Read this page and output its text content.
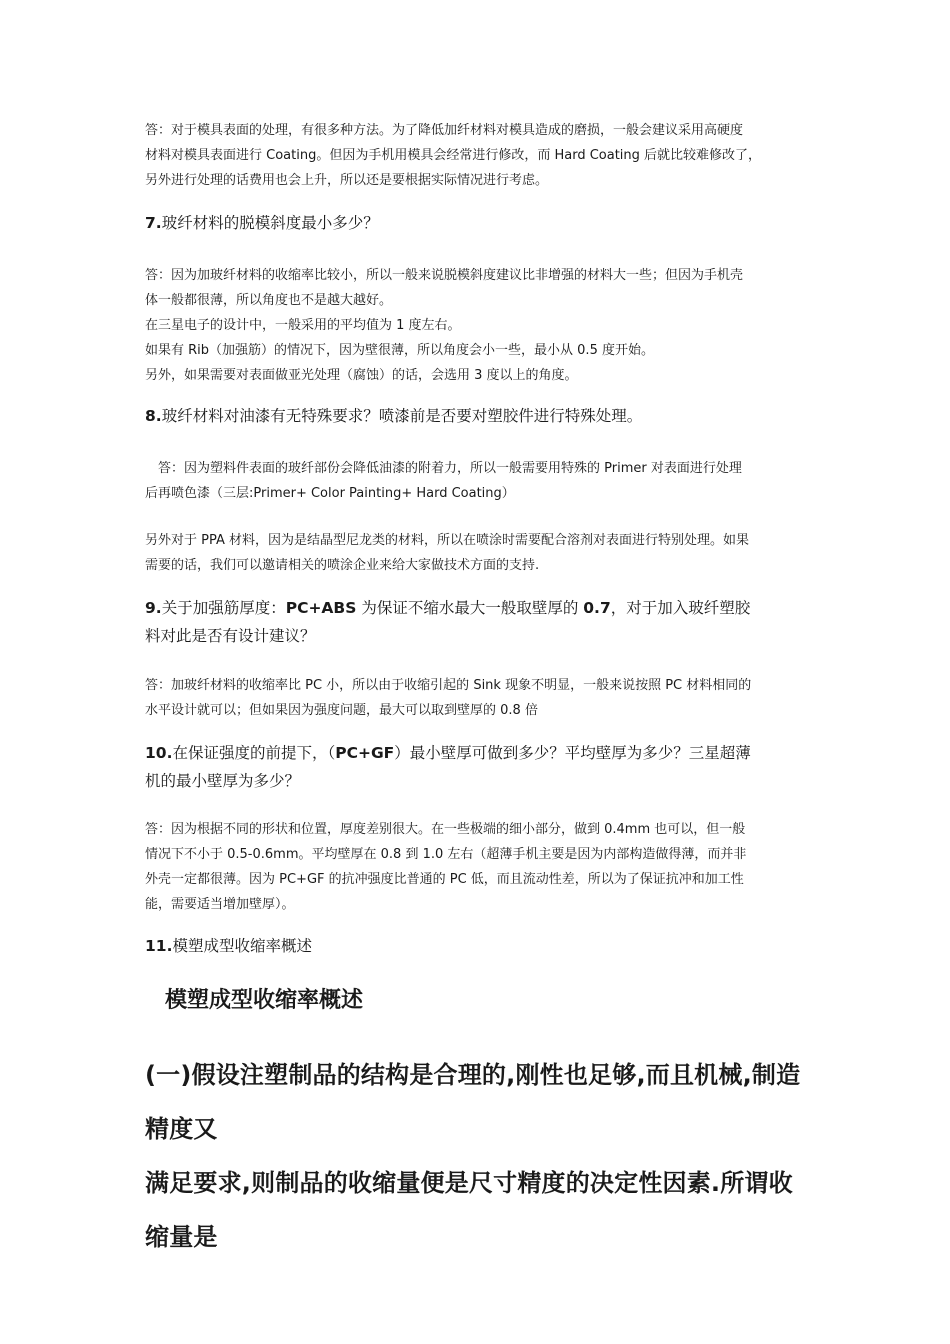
答：对于模具表面的处理，有很多种方法。为了降低加纤材料对模具造成的磨损，一般会建议采用高硬度

材料对模具表面进行 Coating。但因为手机用模具会经常进行修改，而 Hard Coating 后就比较难修改了，

另外进行处理的话费用也会上升，所以还是要根据实际情况进行考虑。

7.玻纤材料的脱模斜度最小多少？

答：因为加玻纤材料的收缩率比较小，所以一般来说脱模斜度建议比非增强的材料大一些；但因为手机壳

体一般都很薄，所以角度也不是越大越好。

在三星电子的设计中，一般采用的平均值为 1 度左右。

如果有 Rib（加强筋）的情况下，因为壁很薄，所以角度会小一些，最小从 0.5 度开始。

另外，如果需要对表面做亚光处理（腐蚀）的话，会选用 3 度以上的角度。

8.玻纤材料对油漆有无特殊要求？喷漆前是否要对塑胶件进行特殊处理。

答：因为塑料件表面的玻纤部份会降低油漆的附着力，所以一般需要用特殊的 Primer 对表面进行处理

后再喷色漆（三层:Primer+ Color Painting+ Hard Coating）

另外对于 PPA 材料，因为是结晶型尼龙类的材料，所以在喷涂时需要配合溶剂对表面进行特别处理。如果

需要的话，我们可以邀请相关的喷涂企业来给大家做技术方面的支持.

9.关于加强筋厚度：PC+ABS 为保证不缩水最大一般取壁厚的 0.7，对于加入玻纤塑胶
料对此是否有设计建议？

答：加玻纤材料的收缩率比 PC 小，所以由于收缩引起的 Sink 现象不明显，一般来说按照 PC 材料相同的

水平设计就可以；但如果因为强度问题，最大可以取到壁厚的 0.8 倍

10.在保证强度的前提下，（PC+GF）最小壁厚可做到多少？平均壁厚为多少？三星超薄
机的最小壁厚为多少？

答：因为根据不同的形状和位置，厚度差别很大。在一些极端的细小部分，做到 0.4mm 也可以，但一般

情况下不小于 0.5-0.6mm。平均壁厚在 0.8 到 1.0 左右（超薄手机主要是因为内部构造做得薄，而并非

外壳一定都很薄。因为 PC+GF 的抗冲强度比普通的 PC 低，而且流动性差，所以为了保证抗冲和加工性

能，需要适当增加壁厚）。

11.模塑成型收缩率概述
模塑成型收缩率概述
(一)假设注塑制品的结构是合理的,刚性也足够,而且机械,制造精度又
满足要求,则制品的收缩量便是尺寸精度的决定性因素.所谓收缩量是
